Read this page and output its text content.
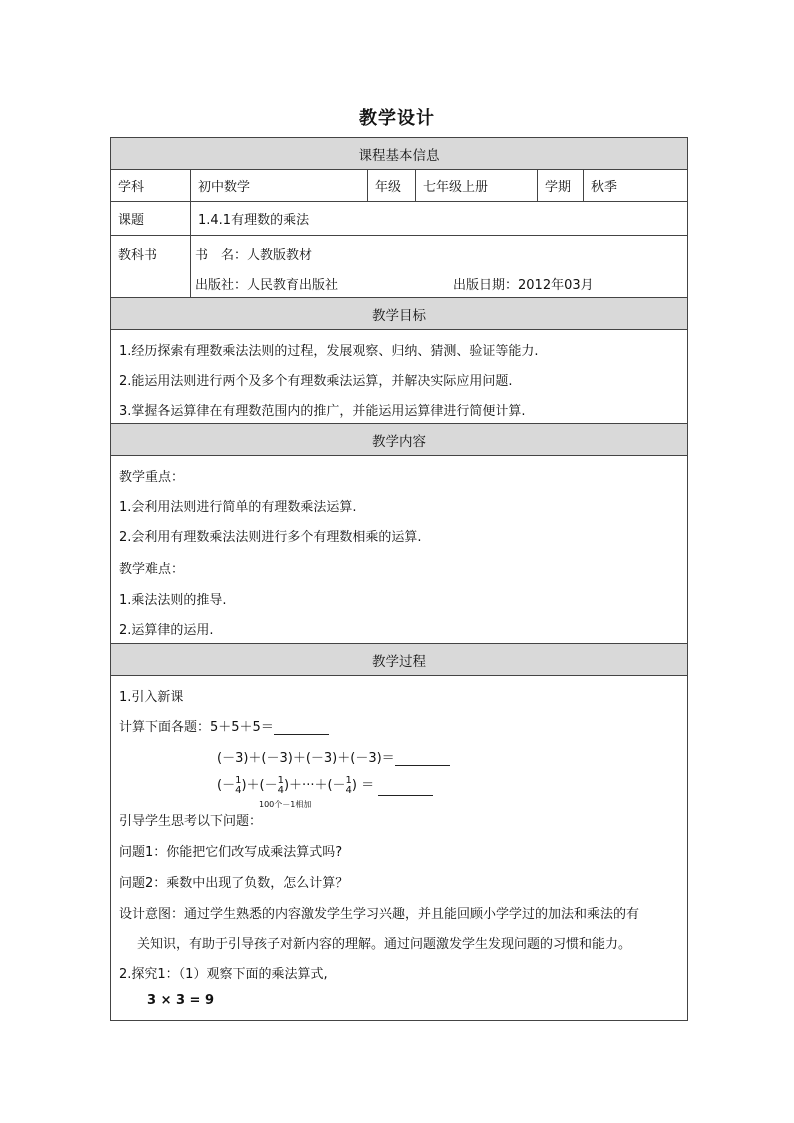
教学设计
课程基本信息
学科	初中数学	年级	七年级上册	学期	秋季
课题	1.4.1有理数的乘法
教科书	书　名：人教版教材
出版社：人民教育出版社	出版日期：2012年03月
教学目标
1.经历探索有理数乘法法则的过程，发展观察、归纳、猜测、验证等能力.
2.能运用法则进行两个及多个有理数乘法运算，并解决实际应用问题.
3.掌握各运算律在有理数范围内的推广，并能运用运算律进行简便计算.
教学内容
教学重点：
1.会利用法则进行简单的有理数乘法运算.
2.会利用有理数乘法法则进行多个有理数相乘的运算.
教学难点：
1.乘法法则的推导.
2.运算律的运用.
教学过程
1.引入新课
计算下面各题：5＋5＋5＝
(－3)＋(－3)＋(－3)＋(－3)＝
(－1
4)＋(－1
4)＋···＋(－1
4) ＝
100个－1相加
引导学生思考以下问题：
问题1：你能把它们改写成乘法算式吗?
问题2：乘数中出现了负数，怎么计算？
设计意图：通过学生熟悉的内容激发学生学习兴趣，并且能回顾小学学过的加法和乘法的有
关知识，有助于引导孩子对新内容的理解。通过问题激发学生发现问题的习惯和能力。
2.探究1：（1）观察下面的乘法算式,
3 × 3 = 9
